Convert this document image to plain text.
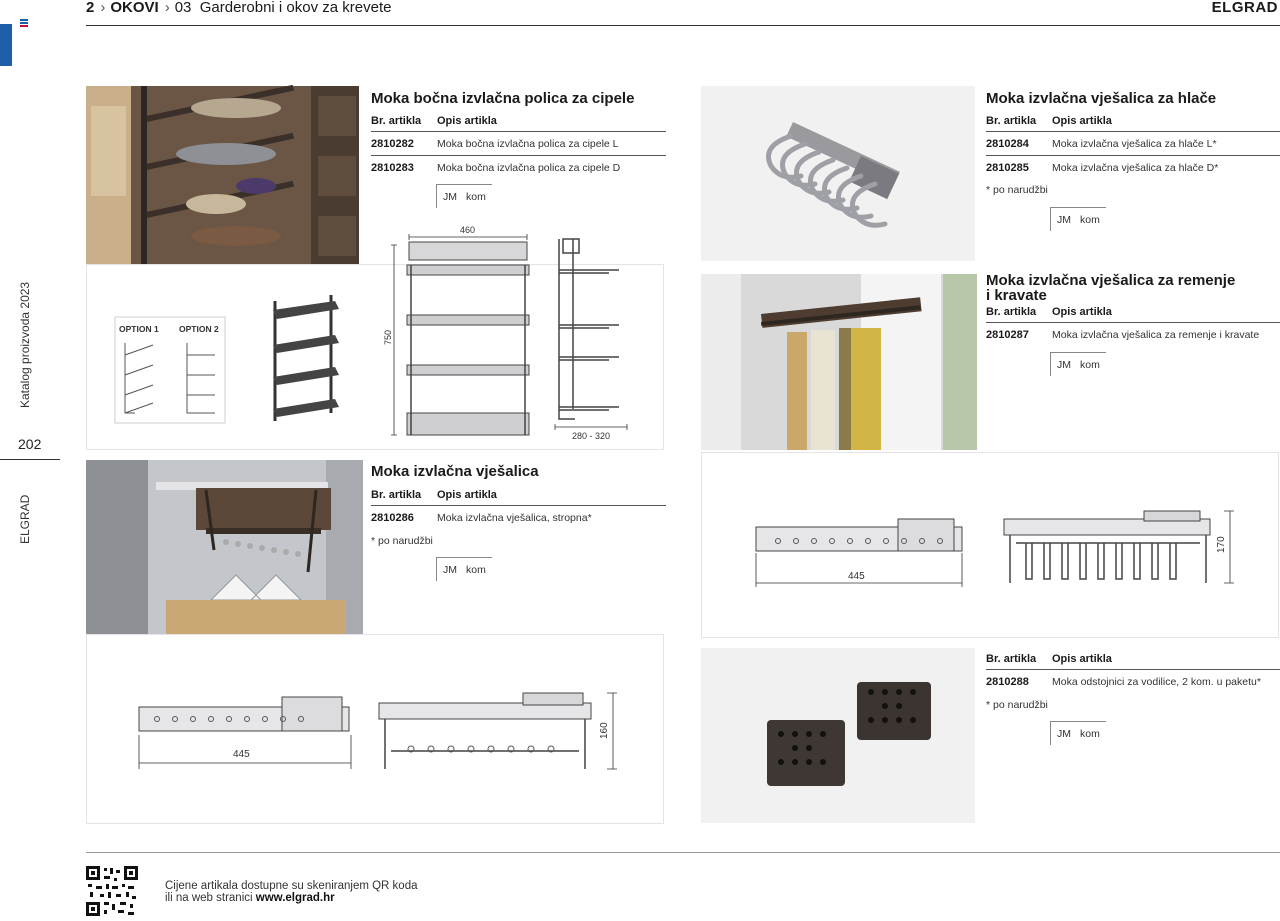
Katalog proizvoda 2023
202
ELGRAD
2 › OKOVI › 03 Garderobni i okov za krevete	ELGRAD
OPTION 1 OPTION 2
460
750
280 - 320
Moka bočna izvlačna polica za cipele
Br. artikla Opis artikla
2810282 Moka bočna izvlačna polica za cipele L
2810283 Moka bočna izvlačna polica za cipele D
JM kom
445
160
Moka izvlačna vješalica
Br. artikla Opis artikla
2810286 Moka izvlačna vješalica, stropna*
* po narudžbi
JM kom
Moka izvlačna vješalica za hlače
Br. artikla Opis artikla
2810284 Moka izvlačna vješalica za hlače L*
2810285 Moka izvlačna vješalica za hlače D*
* po narudžbi
JM kom
Moka izvlačna vješalica za remenje
i kravate
Br. artikla Opis artikla
2810287 Moka izvlačna vješalica za remenje i kravate
JM kom
445
170
Br. artikla Opis artikla
2810288 Moka odstojnici za vodilice, 2 kom. u paketu*
* po narudžbi
JM kom
Cijene artikala dostupne su skeniranjem QR koda
ili na web stranici www.elgrad.hr
